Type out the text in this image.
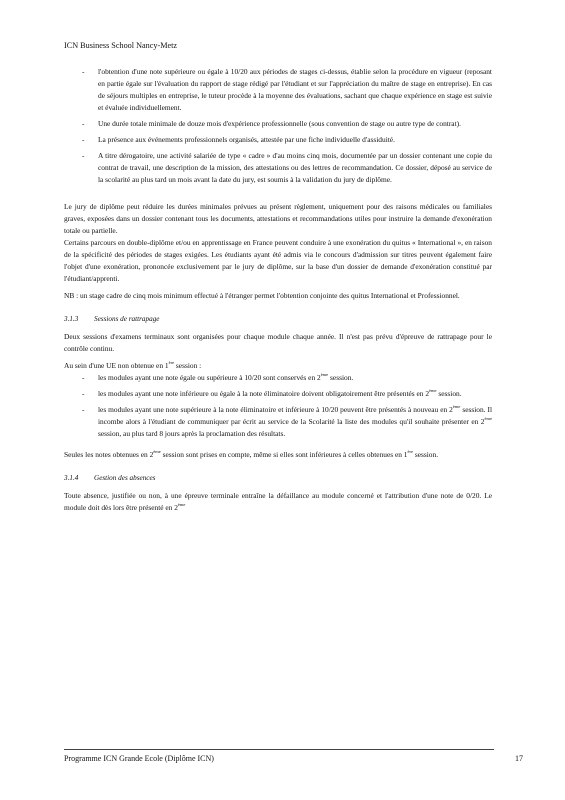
ICN Business School Nancy-Metz
- l'obtention d'une note supérieure ou égale à 10/20 aux périodes de stages ci-dessus, établie selon la procédure en vigueur (reposant en partie égale sur l'évaluation du rapport de stage rédigé par l'étudiant et sur l'appréciation du maître de stage en entreprise). En cas de séjours multiples en entreprise, le tuteur procède à la moyenne des évaluations, sachant que chaque expérience en stage est suivie et évaluée individuellement.
- Une durée totale minimale de douze mois d'expérience professionnelle (sous convention de stage ou autre type de contrat).
- La présence aux événements professionnels organisés, attestée par une fiche individuelle d'assiduité.
- A titre dérogatoire, une activité salariée de type « cadre » d'au moins cinq mois, documentée par un dossier contenant une copie du contrat de travail, une description de la mission, des attestations ou des lettres de recommandation. Ce dossier, déposé au service de la scolarité au plus tard un mois avant la date du jury, est soumis à la validation du jury de diplôme.

Le jury de diplôme peut réduire les durées minimales prévues au présent règlement, uniquement pour des raisons médicales ou familiales graves, exposées dans un dossier contenant tous les documents, attestations et recommandations utiles pour instruire la demande d'exonération totale ou partielle.

Certains parcours en double-diplôme et/ou en apprentissage en France peuvent conduire à une exonération du quitus « International », en raison de la spécificité des périodes de stages exigées. Les étudiants ayant été admis via le concours d'admission sur titres peuvent également faire l'objet d'une exonération, prononcée exclusivement par le jury de diplôme, sur la base d'un dossier de demande d'exonération constitué par l'étudiant/apprenti.

NB : un stage cadre de cinq mois minimum effectué à l'étranger permet l'obtention conjointe des quitus International et Professionnel.

3.1.3 Sessions de rattrapage

Deux sessions d'examens terminaux sont organisées pour chaque module chaque année. Il n'est pas prévu d'épreuve de rattrapage pour le contrôle continu.

Au sein d'une UE non obtenue en 1ère session :

- les modules ayant une note égale ou supérieure à 10/20 sont conservés en 2ème session.
- les modules ayant une note inférieure ou égale à la note éliminatoire doivent obligatoirement être présentés en 2ème session.
- les modules ayant une note supérieure à la note éliminatoire et inférieure à 10/20 peuvent être présentés à nouveau en 2ème session. Il incombe alors à l'étudiant de communiquer par écrit au service de la Scolarité la liste des modules qu'il souhaite présenter en 2ème session, au plus tard 8 jours après la proclamation des résultats.

Seules les notes obtenues en 2ème session sont prises en compte, même si elles sont inférieures à celles obtenues en 1ère session.

3.1.4 Gestion des absences

Toute absence, justifiée ou non, à une épreuve terminale entraîne la défaillance au module concerné et l'attribution d'une note de 0/20. Le module doit dès lors être présenté en 2ème

Programme ICN Grande Ecole (Diplôme ICN)	17
